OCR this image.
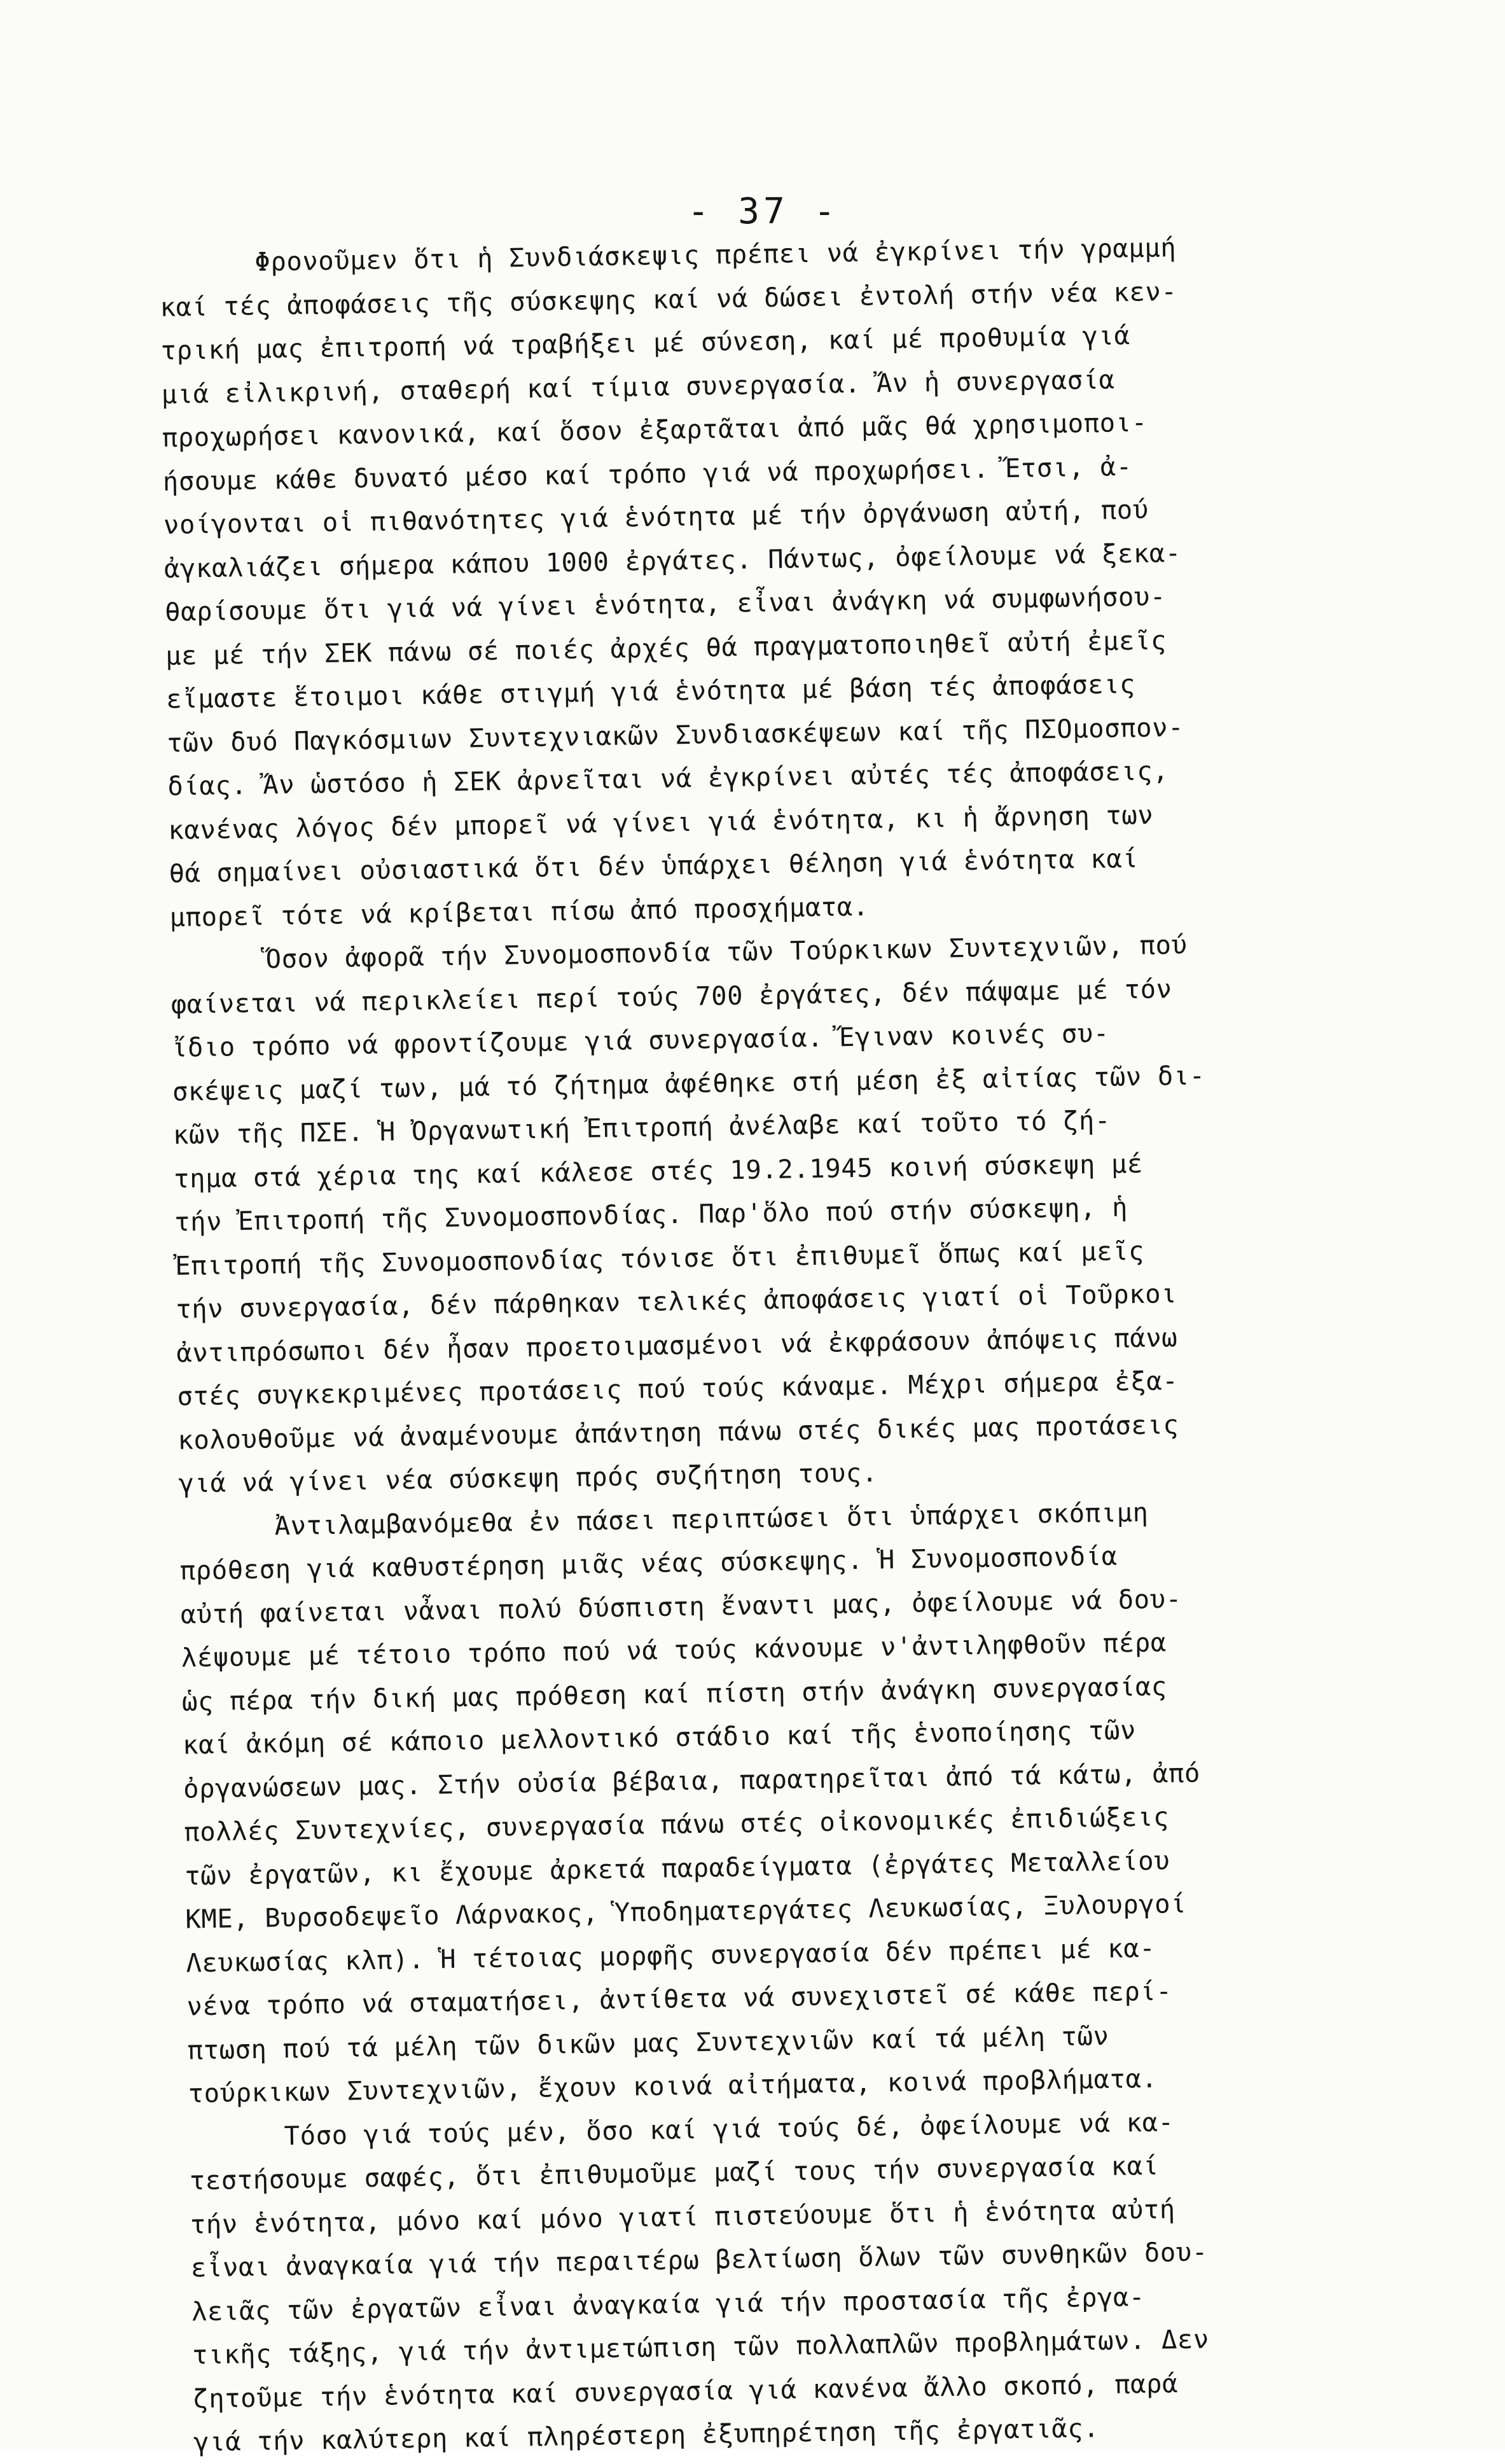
- 37 -
Φρονοῦμεν ὅτι ἡ Συνδιάσκεψις πρέπει νά ἐγκρίνει τήν γραμμή
καί τές ἀποφάσεις τῆς σύσκεψης καί νά δώσει ἐντολή στήν νέα κεν-
τρική μας ἐπιτροπή νά τραβήξει μέ σύνεση, καί μέ προθυμία γιά
μιά εἰλικρινή, σταθερή καί τίμια συνεργασία. Ἄν ἡ συνεργασία
προχωρήσει κανονικά, καί ὅσον ἐξαρτᾶται ἀπό μᾶς θά χρησιμοποι-
ήσουμε κάθε δυνατό μέσο καί τρόπο γιά νά προχωρήσει. Ἔτσι, ἀ-
νοίγονται οἱ πιθανότητες γιά ἑνότητα μέ τήν ὀργάνωση αὐτή, πού
ἀγκαλιάζει σήμερα κάπου 1000 ἐργάτες. Πάντως, ὀφείλουμε νά ξεκα-
θαρίσουμε ὅτι γιά νά γίνει ἑνότητα, εἶναι ἀνάγκη νά συμφωνήσου-
με μέ τήν ΣΕΚ πάνω σέ ποιές ἀρχές θά πραγματοποιηθεῖ αὐτή ἐμεῖς
εἴμαστε ἕτοιμοι κάθε στιγμή γιά ἑνότητα μέ βάση τές ἀποφάσεις
τῶν δυό Παγκόσμιων Συντεχνιακῶν Συνδιασκέψεων καί τῆς ΠΣΟμοσπον-
δίας. Ἄν ὡστόσο ἡ ΣΕΚ ἀρνεῖται νά ἐγκρίνει αὐτές τές ἀποφάσεις,
κανένας λόγος δέν μπορεῖ νά γίνει γιά ἑνότητα, κι ἡ ἄρνηση των
θά σημαίνει οὐσιαστικά ὅτι δέν ὑπάρχει θέληση γιά ἑνότητα καί
μπορεῖ τότε νά κρίβεται πίσω ἀπό προσχήματα.
Ὅσον ἀφορᾶ τήν Συνομοσπονδία τῶν Τούρκικων Συντεχνιῶν, πού
φαίνεται νά περικλείει περί τούς 700 ἐργάτες, δέν πάψαμε μέ τόν
ἴδιο τρόπο νά φροντίζουμε γιά συνεργασία. Ἔγιναν κοινές συ-
σκέψεις μαζί των, μά τό ζήτημα ἀφέθηκε στή μέση ἐξ αἰτίας τῶν δι-
κῶν τῆς ΠΣΕ. Ἡ Ὀργανωτική Ἐπιτροπή ἀνέλαβε καί τοῦτο τό ζή-
τημα στά χέρια της καί κάλεσε στές 19.2.1945 κοινή σύσκεψη μέ
τήν Ἐπιτροπή τῆς Συνομοσπονδίας. Παρ'ὅλο πού στήν σύσκεψη, ἡ
Ἐπιτροπή τῆς Συνομοσπονδίας τόνισε ὅτι ἐπιθυμεῖ ὅπως καί μεῖς
τήν συνεργασία, δέν πάρθηκαν τελικές ἀποφάσεις γιατί οἱ Τοῦρκοι
ἀντιπρόσωποι δέν ἦσαν προετοιμασμένοι νά ἐκφράσουν ἀπόψεις πάνω
στές συγκεκριμένες προτάσεις πού τούς κάναμε. Μέχρι σήμερα ἐξα-
κολουθοῦμε νά ἀναμένουμε ἀπάντηση πάνω στές δικές μας προτάσεις
γιά νά γίνει νέα σύσκεψη πρός συζήτηση τους.
Ἀντιλαμβανόμεθα ἐν πάσει περιπτώσει ὅτι ὑπάρχει σκόπιμη
πρόθεση γιά καθυστέρηση μιᾶς νέας σύσκεψης. Ἡ Συνομοσπονδία
αὐτή φαίνεται νἆναι πολύ δύσπιστη ἔναντι μας, ὀφείλουμε νά δου-
λέψουμε μέ τέτοιο τρόπο πού νά τούς κάνουμε ν'ἀντιληφθοῦν πέρα
ὡς πέρα τήν δική μας πρόθεση καί πίστη στήν ἀνάγκη συνεργασίας
καί ἀκόμη σέ κάποιο μελλοντικό στάδιο καί τῆς ἑνοποίησης τῶν
ὀργανώσεων μας. Στήν οὐσία βέβαια, παρατηρεῖται ἀπό τά κάτω, ἀπό
πολλές Συντεχνίες, συνεργασία πάνω στές οἰκονομικές ἐπιδιώξεις
τῶν ἐργατῶν, κι ἔχουμε ἀρκετά παραδείγματα (ἐργάτες Μεταλλείου
ΚΜΕ, Βυρσοδεψεῖο Λάρνακος, Ὑποδηματεργάτες Λευκωσίας, Ξυλουργοί
Λευκωσίας κλπ). Ἡ τέτοιας μορφῆς συνεργασία δέν πρέπει μέ κα-
νένα τρόπο νά σταματήσει, ἀντίθετα νά συνεχιστεῖ σέ κάθε περί-
πτωση πού τά μέλη τῶν δικῶν μας Συντεχνιῶν καί τά μέλη τῶν
τούρκικων Συντεχνιῶν, ἔχουν κοινά αἰτήματα, κοινά προβλήματα.
Τόσο γιά τούς μέν, ὅσο καί γιά τούς δέ, ὀφείλουμε νά κα-
τεστήσουμε σαφές, ὅτι ἐπιθυμοῦμε μαζί τους τήν συνεργασία καί
τήν ἑνότητα, μόνο καί μόνο γιατί πιστεύουμε ὅτι ἡ ἑνότητα αὐτή
εἶναι ἀναγκαία γιά τήν περαιτέρω βελτίωση ὅλων τῶν συνθηκῶν δου-
λειᾶς τῶν ἐργατῶν εἶναι ἀναγκαία γιά τήν προστασία τῆς ἐργα-
τικῆς τάξης, γιά τήν ἀντιμετώπιση τῶν πολλαπλῶν προβλημάτων. Δεν
ζητοῦμε τήν ἑνότητα καί συνεργασία γιά κανένα ἄλλο σκοπό, παρά
γιά τήν καλύτερη καί πληρέστερη ἐξυπηρέτηση τῆς ἐργατιᾶς.
